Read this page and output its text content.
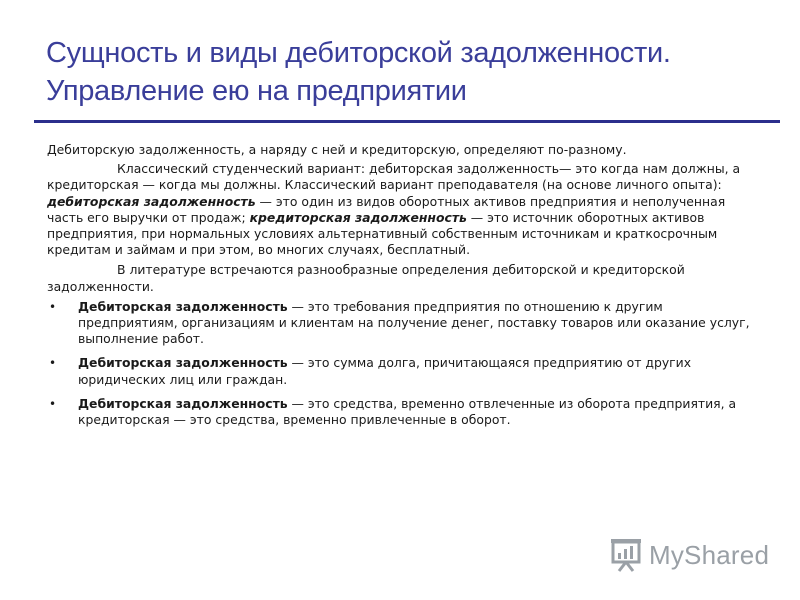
Сущность и виды дебиторской задолженности.
Управление ею на предприятии

Дебиторскую задолженность, а наряду с ней и кредиторскую, определяют по-разному.

Классический студенческий вариант: дебиторская задолженность— это когда нам должны, а кредиторская — когда мы должны. Классический вариант преподавателя (на основе личного опыта): дебиторская задолженность — это один из видов оборотных активов предприятия и неполученная часть его выручки от продаж; кредиторская задолженность — это источник оборотных активов предприятия, при нормальных условиях альтернативный собственным источникам и краткосрочным кредитам и займам и при этом, во многих случаях, бесплатный.

В литературе встречаются разнообразные определения дебиторской и кредиторской задолженности.

• Дебиторская задолженность — это требования предприятия по отношению к другим предприятиям, организациям и клиентам на получение денег, поставку товаров или оказание услуг, выполнение работ.
• Дебиторская задолженность — это сумма долга, причитающаяся предприятию от других юридических лиц или граждан.
• Дебиторская задолженность — это средства, временно отвлеченные из оборота предприятия, а кредиторская — это средства, временно привлеченные в оборот.
MyShared
